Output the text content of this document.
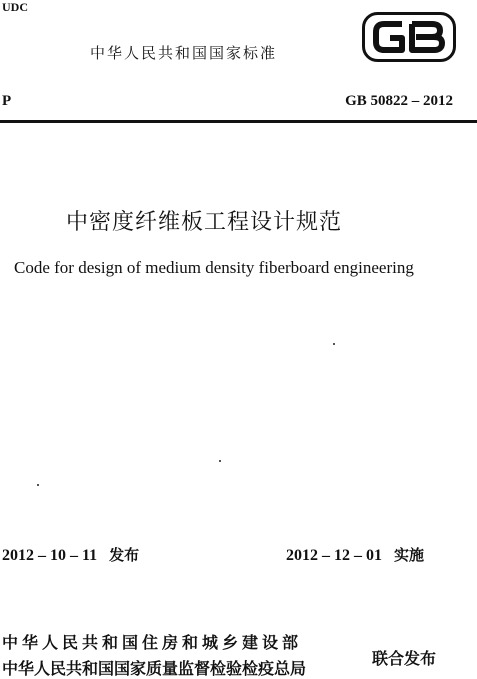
UDC
中华人民共和国国家标准
P	GB 50822 – 2012
中密度纤维板工程设计规范
Code for design of medium density fiberboard engineering
2012 – 10 – 11 发布	2012 – 12 – 01 实施
中华人民共和国住房和城乡建设部
中华人民共和国国家质量监督检验检疫总局
联合发布
